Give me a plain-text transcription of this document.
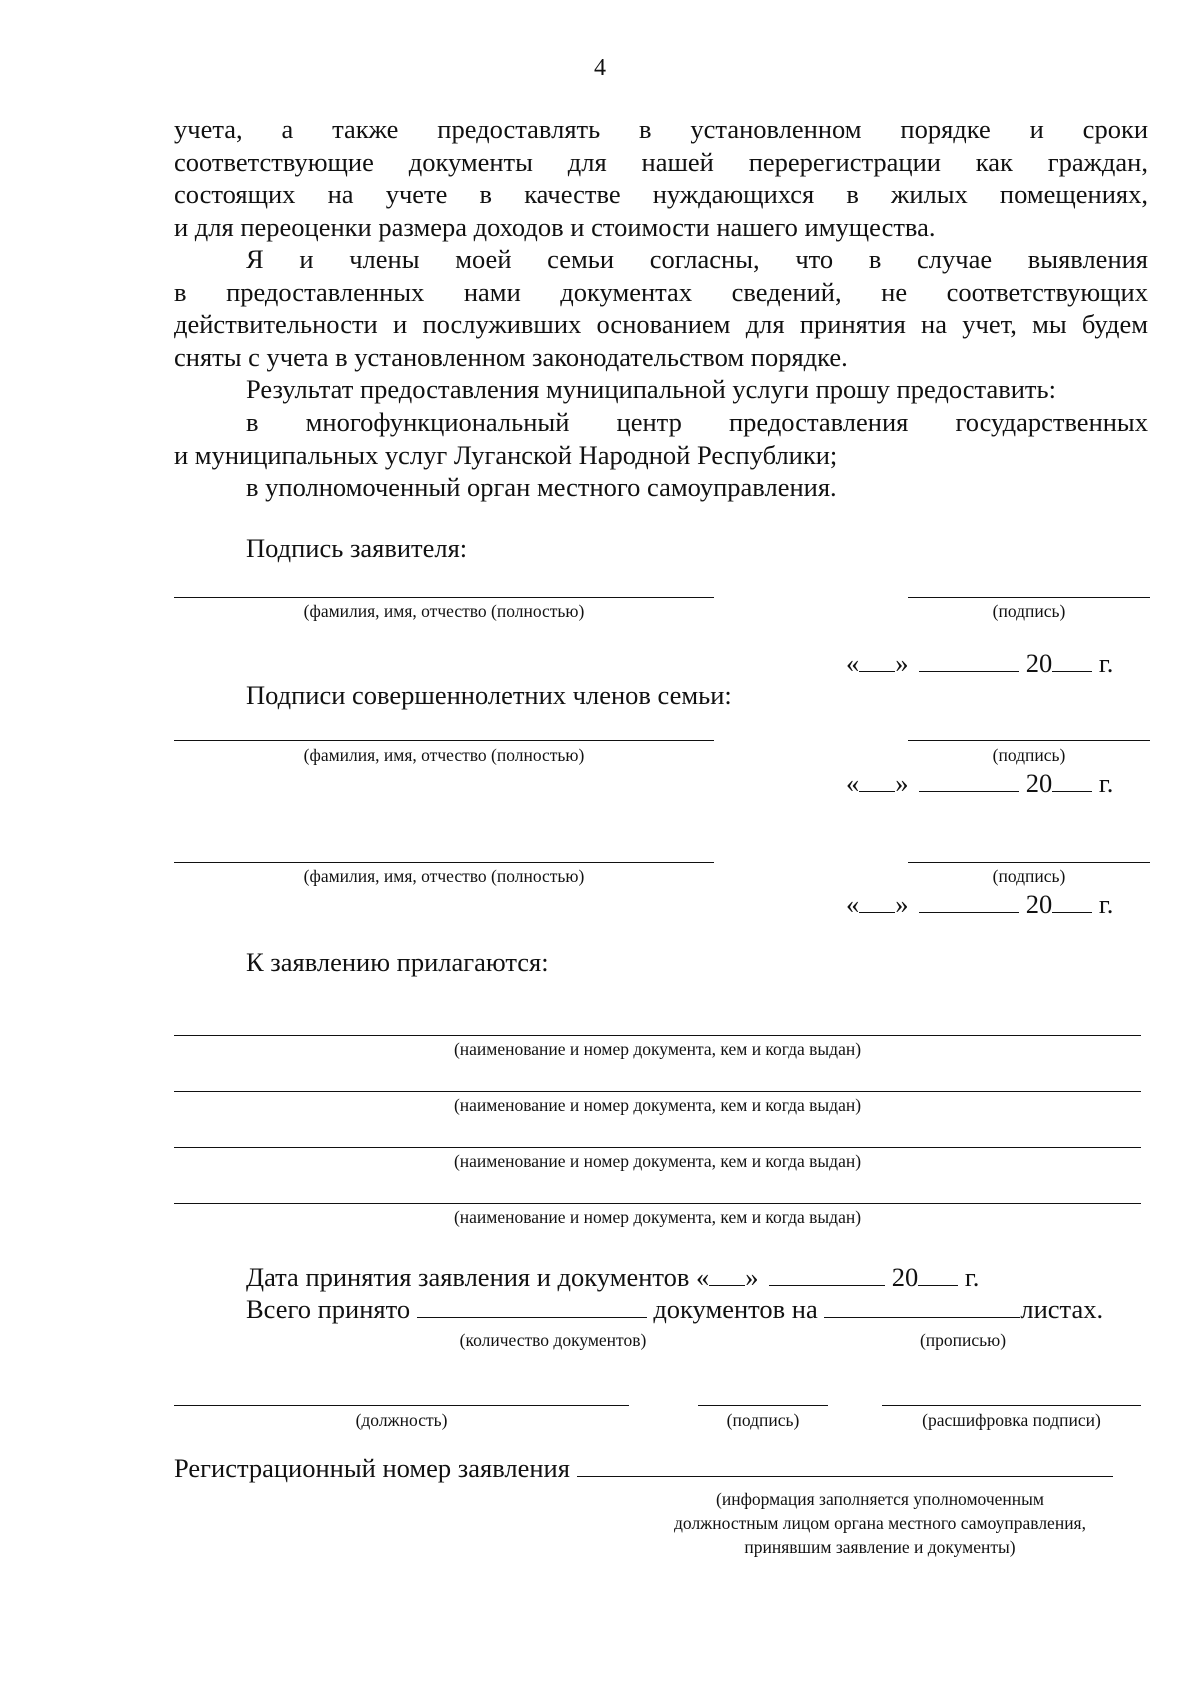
4
учета, а также предоставлять в установленном порядке и сроки
соответствующие документы для нашей перерегистрации как граждан,
состоящих на учете в качестве нуждающихся в жилых помещениях,
и для переоценки размера доходов и стоимости нашего имущества.
Я и члены моей семьи согласны, что в случае выявления
в предоставленных нами документах сведений, не соответствующих
действительности и послуживших основанием для принятия на учет, мы будем
сняты с учета в установленном законодательством порядке.
Результат предоставления муниципальной услуги прошу предоставить:
в многофункциональный центр предоставления государственных
и муниципальных услуг Луганской Народной Республики;
в уполномоченный орган местного самоуправления.
Подпись заявителя:
(фамилия, имя, отчество (полностью)	(подпись)
« »	20 г.
Подписи совершеннолетних членов семьи:
(фамилия, имя, отчество (полностью)	(подпись)
« »	20 г.
(фамилия, имя, отчество (полностью)	(подпись)
« »	20 г.
К заявлению прилагаются:
(наименование и номер документа, кем и когда выдан)
(наименование и номер документа, кем и когда выдан)
(наименование и номер документа, кем и когда выдан)
(наименование и номер документа, кем и когда выдан)
Дата принятия заявления и документов « »	20 г.
Всего принято	документов на	листах.
(количество документов)	(прописью)
(должность)	(подпись)	(расшифровка подписи)
Регистрационный номер заявления
(информация заполняется уполномоченным
должностным лицом органа местного самоуправления,
принявшим заявление и документы)
